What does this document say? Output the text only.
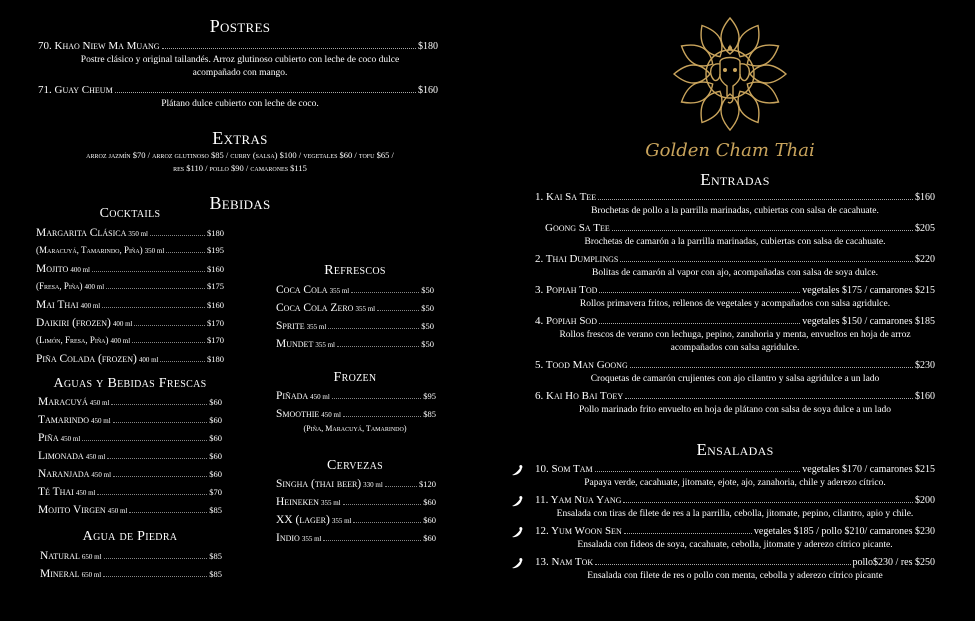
Postres
70. Khao Niew Ma Muang	$180
Postre clásico y original tailandés. Arroz glutinoso cubierto con leche de coco dulce acompañado con mango.
71. Guay Cheum	$160
Plátano dulce cubierto con leche de coco.
Extras
arroz jazmín $70 / arroz glutinoso $85 / curry (salsa) $100 / vegetales $60 / tofu $65 /
res $110 / pollo $90 / camarones $115
Bebidas
Cocktails
Margarita Clásica 350 ml	$180
(Maracuyá, Tamarindo, Piña) 350 ml	$195
Mojito 400 ml	$160
(Fresa, Piña) 400 ml	$175
Mai Thai 400 ml	$160
Daikiri (frozen) 400 ml	$170
(Limón, Fresa, Piña) 400 ml	$170
Piña Colada (frozen) 400 ml	$180
Aguas y Bebidas Frescas
Maracuyá 450 ml	$60
Tamarindo 450 ml	$60
Piña 450 ml	$60
Limonada 450 ml	$60
Naranjada 450 ml	$60
Té Thai 450 ml	$70
Mojito Virgen 450 ml	$85
Agua de Piedra
Natural 650 ml	$85
Mineral 650 ml	$85
Refrescos
Coca Cola 355 ml	$50
Coca Cola Zero 355 ml	$50
Sprite 355 ml	$50
Mundet 355 ml	$50
Frozen
Piñada 450 ml	$95
Smoothie 450 ml	$85
(Piña, Maracuyá, Tamarindo)
Cervezas
Singha (thai beer) 330 ml	$120
Heineken 355 ml	$60
XX (lager) 355 ml	$60
Indio 355 ml	$60
Golden Cham Thai
Entradas
1. Kai Sa Tee	$160
Brochetas de pollo a la parrilla marinadas, cubiertas con salsa de cacahuate.
Goong Sa Tee	$205
Brochetas de camarón a la parrilla marinadas, cubiertas con salsa de cacahuate.
2. Thai Dumplings	$220
Bolitas de camarón al vapor con ajo, acompañadas con salsa de soya dulce.
3. Popiah Tod	vegetales $175 / camarones $215
Rollos primavera fritos, rellenos de vegetales y acompañados con salsa agridulce.
4. Popiah Sod	vegetales $150 / camarones $185
Rollos frescos de verano con lechuga, pepino, zanahoria y menta, envueltos en hoja de arroz
acompañados con salsa agridulce.
5. Tood Man Goong	$230
Croquetas de camarón crujientes con ajo cilantro y salsa agridulce a un lado
6. Kai Ho Bai Toey	$160
Pollo marinado frito envuelto en hoja de plátano con salsa de soya dulce a un lado
Ensaladas
10. Som Tam	vegetales $170 / camarones $215
Papaya verde, cacahuate, jitomate, ejote, ajo, zanahoria, chile y aderezo cítrico.
11. Yam Nua Yang	$200
Ensalada con tiras de filete de res a la parrilla, cebolla, jitomate, pepino, cilantro, apio y chile.
12. Yum Woon Sen	vegetales $185 / pollo $210/ camarones $230
Ensalada con fideos de soya, cacahuate, cebolla, jitomate y aderezo cítrico picante.
13. Nam Tok	pollo$230 / res $250
Ensalada con filete de res o pollo con menta, cebolla y aderezo cítrico picante
